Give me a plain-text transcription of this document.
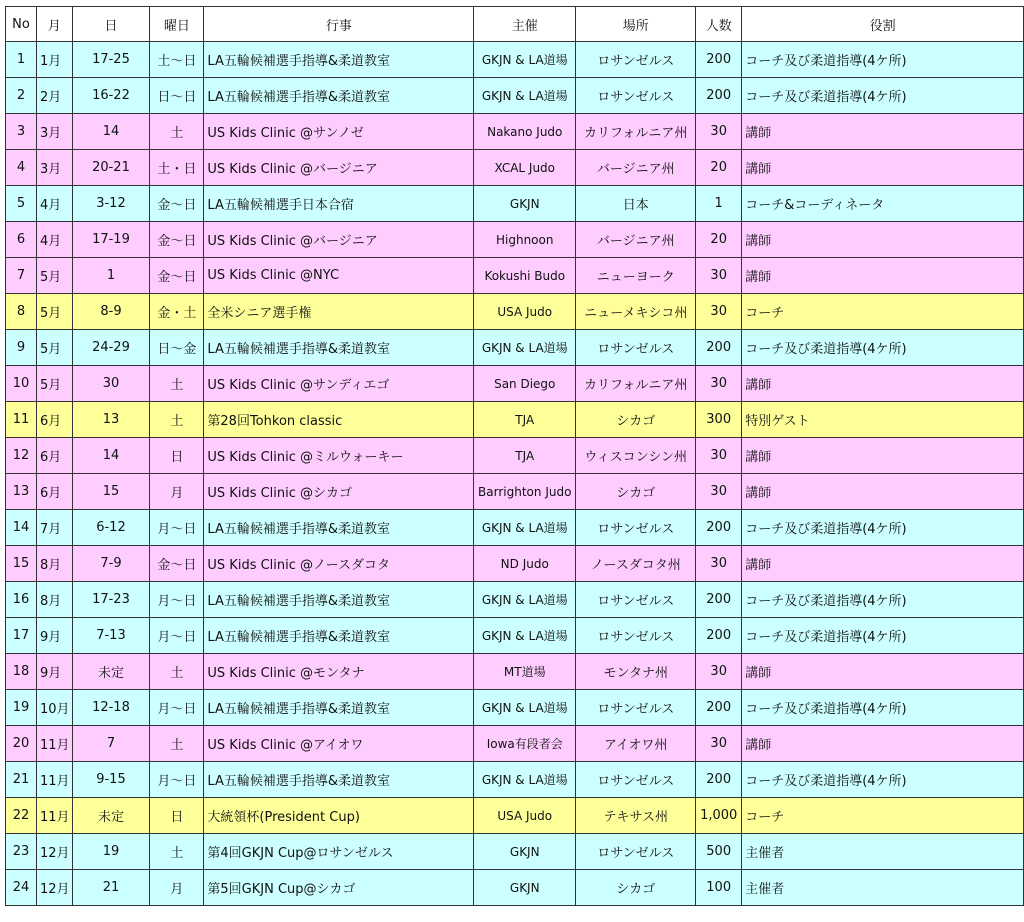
No	月	日	曜日	行事	主催	場所	人数	役割
1	1月	17-25	土〜日	LA五輪候補選手指導&柔道教室	GKJN & LA道場	ロサンゼルス	200	コーチ及び柔道指導(4ケ所)
2	2月	16-22	日〜日	LA五輪候補選手指導&柔道教室	GKJN & LA道場	ロサンゼルス	200	コーチ及び柔道指導(4ケ所)
3	3月	14	土	US Kids Clinic @サンノゼ	Nakano Judo	カリフォルニア州	30	講師
4	3月	20-21	土・日	US Kids Clinic @バージニア	XCAL Judo	バージニア州	20	講師
5	4月	3-12	金〜日	LA五輪候補選手日本合宿	GKJN	日本	1	コーチ&コーディネータ
6	4月	17-19	金〜日	US Kids Clinic @バージニア	Highnoon	バージニア州	20	講師
7	5月	1	金〜日	US Kids Clinic @NYC	Kokushi Budo	ニューヨーク	30	講師
8	5月	8-9	金・土	全米シニア選手権	USA Judo	ニューメキシコ州	30	コーチ
9	5月	24-29	日〜金	LA五輪候補選手指導&柔道教室	GKJN & LA道場	ロサンゼルス	200	コーチ及び柔道指導(4ケ所)
10	5月	30	土	US Kids Clinic @サンディエゴ	San Diego	カリフォルニア州	30	講師
11	6月	13	土	第28回Tohkon classic	TJA	シカゴ	300	特別ゲスト
12	6月	14	日	US Kids Clinic @ミルウォーキー	TJA	ウィスコンシン州	30	講師
13	6月	15	月	US Kids Clinic @シカゴ	Barrighton Judo	シカゴ	30	講師
14	7月	6-12	月〜日	LA五輪候補選手指導&柔道教室	GKJN & LA道場	ロサンゼルス	200	コーチ及び柔道指導(4ケ所)
15	8月	7-9	金〜日	US Kids Clinic @ノースダコタ	ND Judo	ノースダコタ州	30	講師
16	8月	17-23	月〜日	LA五輪候補選手指導&柔道教室	GKJN & LA道場	ロサンゼルス	200	コーチ及び柔道指導(4ケ所)
17	9月	7-13	月〜日	LA五輪候補選手指導&柔道教室	GKJN & LA道場	ロサンゼルス	200	コーチ及び柔道指導(4ケ所)
18	9月	未定	土	US Kids Clinic @モンタナ	MT道場	モンタナ州	30	講師
19	10月	12-18	月〜日	LA五輪候補選手指導&柔道教室	GKJN & LA道場	ロサンゼルス	200	コーチ及び柔道指導(4ケ所)
20	11月	7	土	US Kids Clinic @アイオワ	Iowa有段者会	アイオワ州	30	講師
21	11月	9-15	月〜日	LA五輪候補選手指導&柔道教室	GKJN & LA道場	ロサンゼルス	200	コーチ及び柔道指導(4ケ所)
22	11月	未定	日	大統領杯(President Cup)	USA Judo	テキサス州	1,000	コーチ
23	12月	19	土	第4回GKJN Cup@ロサンゼルス	GKJN	ロサンゼルス	500	主催者
24	12月	21	月	第5回GKJN Cup@シカゴ	GKJN	シカゴ	100	主催者
